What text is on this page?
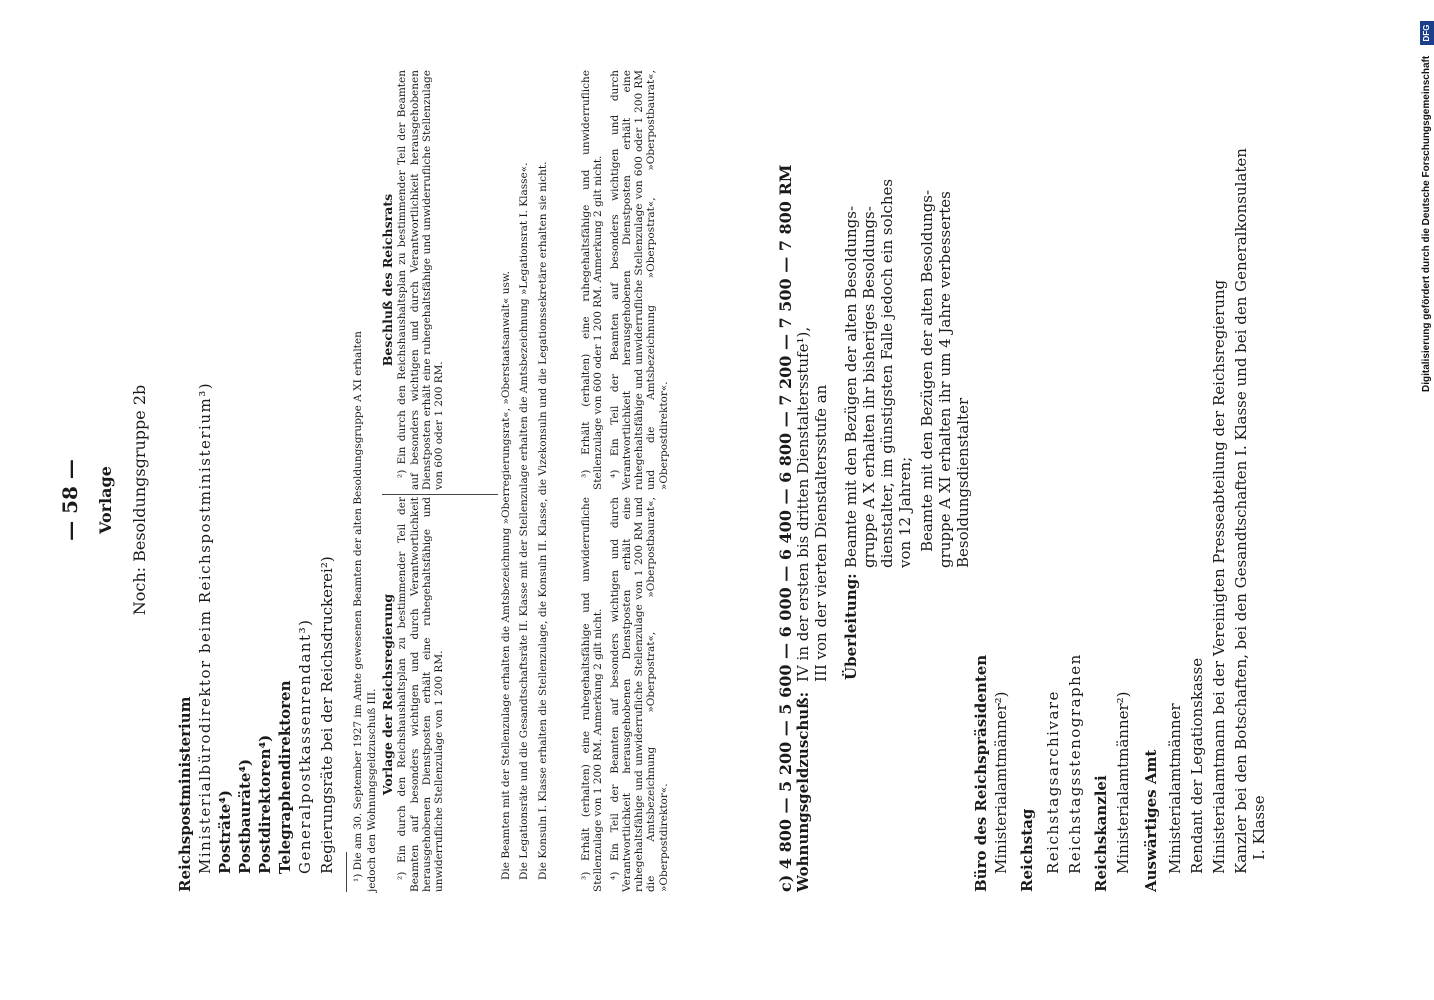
— 58 — Vorlage Noch: Besoldungsgruppe 2b
Reichspostministerium Ministerialbürodirektor beim Reichspostministerium³) Posträte⁴) Postbauräte⁴) Postdirektoren⁴) Telegraphendirektoren Generalpostkassenrendant³) Regierungsräte bei der Reichsdruckerei²) ¹) Die am 30. September 1927 im Amte gewesenen Beamten der alten Besoldungsgruppe A XI erhalten jedoch den Wohnungsgeldzuschuß III. Vorlage der Reichsregierung ²) Ein durch den Reichshaushaltsplan zu bestimmender Teil der Beamten auf besonders wichtigen und durch Verantwortlichkeit herausgehobenen Dienstposten erhält eine ruhegehaltsfähige und unwiderrufliche Stellenzulage von 1 200 RM.

Beschluß des Reichsrats ²) Ein durch den Reichshaushaltsplan zu bestimmender Teil der Beamten auf besonders wichtigen und durch Verantwortlichkeit herausgehobenen Dienstposten erhält eine ruhegehaltsfähige und unwiderrufliche Stellenzulage von 600 oder 1 200 RM.	Die Beamten mit der Stellenzulage erhalten die Amtsbezeichnung »Oberregierungsrat«, »Oberstaatsanwalt« usw. Die Legationsräte und die Gesandtschaftsräte II. Klasse mit der Stellenzulage erhalten die Amtsbezeichnung »Legationsrat I. Klasse«. Die Konsuln I. Klasse erhalten die Stellenzulage, die Konsuln II. Klasse, die Vizekonsuln und die Legationssekretäre erhalten sie nicht.	³) Erhält (erhalten) eine ruhegehaltsfähige und unwiderrufliche Stellenzulage von 1 200 RM. Anmerkung 2 gilt nicht. ⁴) Ein Teil der Beamten auf besonders wichtigen und durch Verantwortlichkeit herausgehobenen Dienstposten erhält eine ruhegehaltsfähige und unwiderrufliche Stellenzulage von 1 200 RM und die Amtsbezeichnung »Oberpostrat«, »Oberpostbaurat«, »Oberpostdirektor«.

³) Erhält (erhalten) eine ruhegehaltsfähige und unwiderrufliche Stellenzulage von 600 oder 1 200 RM. Anmerkung 2 gilt nicht. ⁴) Ein Teil der Beamten auf besonders wichtigen und durch Verantwortlichkeit herausgehobenen Dienstposten erhält eine ruhegehaltsfähige und unwiderrufliche Stellenzulage von 600 oder 1 200 RM und die Amtsbezeichnung »Oberpostrat«, »Oberpostbaurat«, »Oberpostdirektor«.	c) 4 800 — 5 200 — 5 600 — 6 000 — 6 400 — 6 800 — 7 200 — 7 500 — 7 800 RM Wohnungsgeldzuschuß:
IV in der ersten bis dritten Dienstaltersstufe¹), III von der vierten Dienstaltersstufe an Überleitung:
Beamte mit den Bezügen der alten Besoldungs- gruppe A X erhalten ihr bisheriges Besoldungs- dienstalter, im günstigsten Falle jedoch ein solches von 12 Jahren; Beamte mit den Bezügen der alten Besoldungs- gruppe A XI erhalten ihr um 4 Jahre verbessertes Besoldungsdienstalter
Büro des Reichspräsidenten Ministerialamtmänner²) Reichstag Reichstagsarchivare Reichstagsstenographen Reichskanzlei Ministerialamtmänner²) Auswärtiges Amt Ministerialamtmänner Rendant der Legationskasse Ministerialamtmann bei der Vereinigten Presseabteilung der Reichsregierung Kanzler bei den Botschaften, bei den Gesandtschaften I. Klasse und bei den Generalkonsulaten I. Klasse
Digitalisierung gefördert durch die Deutsche Forschungsgemeinschaft
DFG
